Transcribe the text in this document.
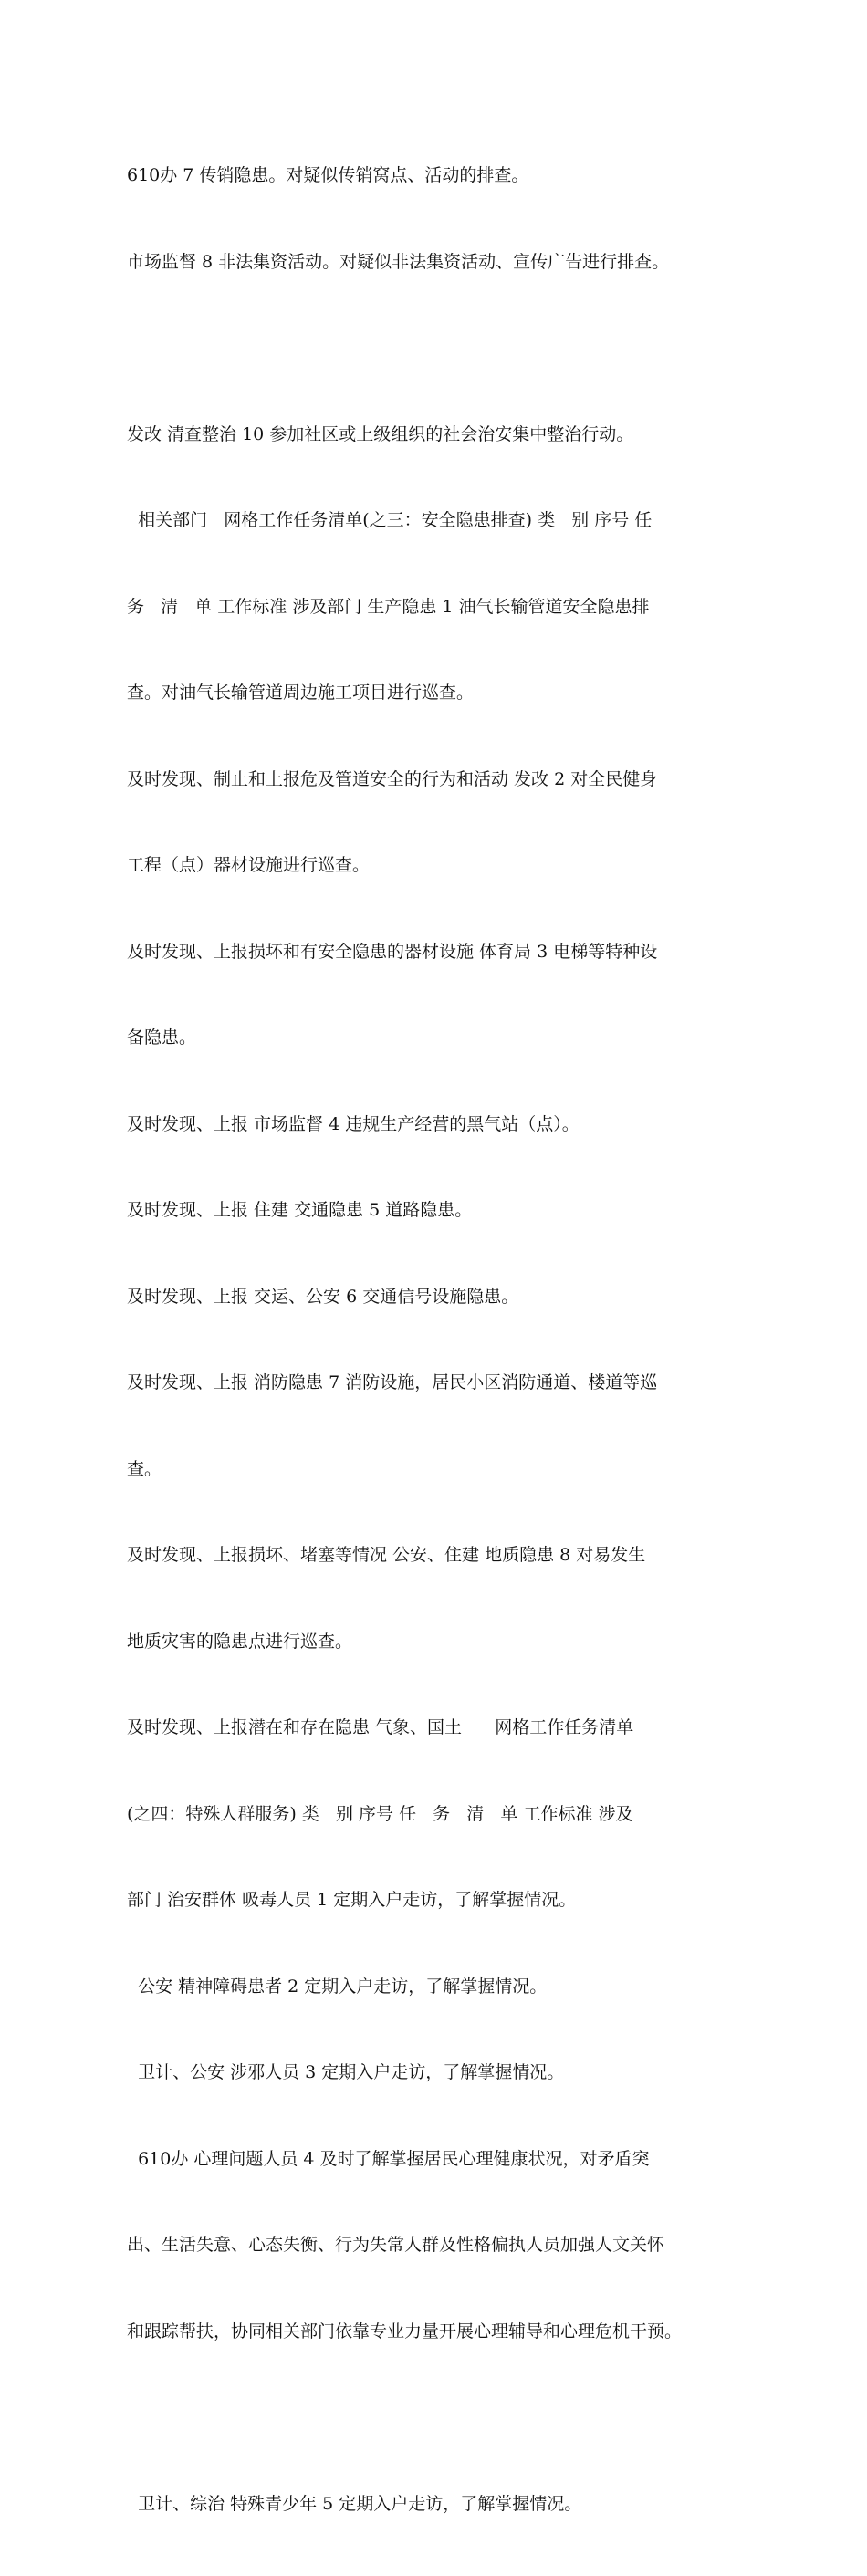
610办 7 传销隐患。对疑似传销窝点、活动的排查。

市场监督 8 非法集资活动。对疑似非法集资活动、宣传广告进行排查。

发改 清查整治 10 参加社区或上级组织的社会治安集中整治行动。

相关部门   网格工作任务清单(之三：安全隐患排查) 类   别 序号 任

务   清   单 工作标准 涉及部门 生产隐患 1 油气长输管道安全隐患排

查。对油气长输管道周边施工项目进行巡查。

及时发现、制止和上报危及管道安全的行为和活动 发改 2 对全民健身

工程（点）器材设施进行巡查。

及时发现、上报损坏和有安全隐患的器材设施 体育局 3 电梯等特种设

备隐患。

及时发现、上报 市场监督 4 违规生产经营的黑气站（点）。

及时发现、上报 住建 交通隐患 5 道路隐患。

及时发现、上报 交运、公安 6 交通信号设施隐患。

及时发现、上报 消防隐患 7 消防设施，居民小区消防通道、楼道等巡

查。

及时发现、上报损坏、堵塞等情况 公安、住建 地质隐患 8 对易发生

地质灾害的隐患点进行巡查。

及时发现、上报潜在和存在隐患 气象、国土      网格工作任务清单

(之四：特殊人群服务) 类   别 序号 任   务   清   单 工作标准 涉及

部门 治安群体 吸毒人员 1 定期入户走访，了解掌握情况。

公安 精神障碍患者 2 定期入户走访，了解掌握情况。

卫计、公安 涉邪人员 3 定期入户走访，了解掌握情况。

610办 心理问题人员 4 及时了解掌握居民心理健康状况，对矛盾突

出、生活失意、心态失衡、行为失常人群及性格偏执人员加强人文关怀

和跟踪帮扶，协同相关部门依靠专业力量开展心理辅导和心理危机干预。

卫计、综治 特殊青少年 5 定期入户走访，了解掌握情况。
